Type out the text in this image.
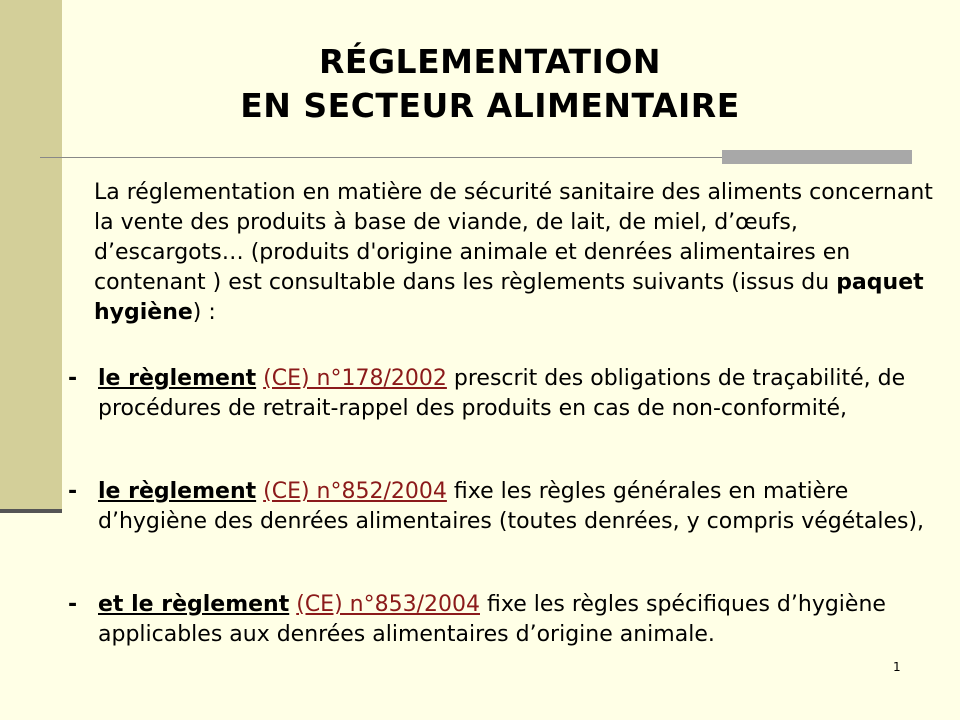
RÉGLEMENTATION
EN SECTEUR ALIMENTAIRE
La réglementation en matière de sécurité sanitaire des aliments concernant la vente des produits à base de viande, de lait, de miel, d’œufs, d’escargots… (produits d'origine animale et denrées alimentaires en contenant ) est consultable dans les règlements suivants (issus du paquet hygiène) :
- le règlement (CE) n°178/2002 prescrit des obligations de traçabilité, de procédures de retrait-rappel des produits en cas de non-conformité,
- le règlement (CE) n°852/2004 fixe les règles générales en matière d’hygiène des denrées alimentaires (toutes denrées, y compris végétales),
- et le règlement (CE) n°853/2004 fixe les règles spécifiques d’hygiène applicables aux denrées alimentaires d’origine animale.
1
